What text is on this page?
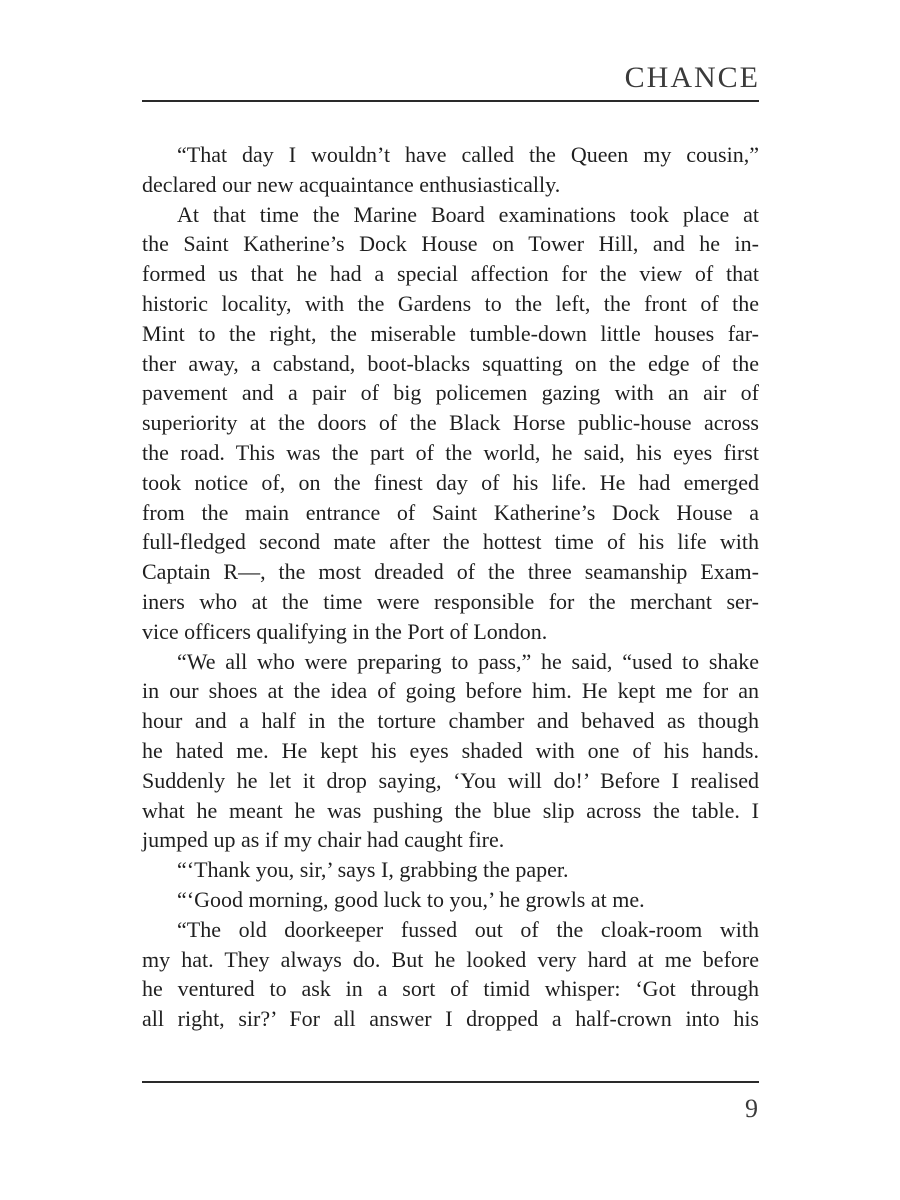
CHANCE
“That day I wouldn’t have called the Queen my cousin,”
declared our new acquaintance enthusiastically.
At that time the Marine Board examinations took place at
the Saint Katherine’s Dock House on Tower Hill, and he in-
formed us that he had a special affection for the view of that
historic locality, with the Gardens to the left, the front of the
Mint to the right, the miserable tumble-down little houses far-
ther away, a cabstand, boot-blacks squatting on the edge of the
pavement and a pair of big policemen gazing with an air of
superiority at the doors of the Black Horse public-house across
the road. This was the part of the world, he said, his eyes first
took notice of, on the finest day of his life. He had emerged
from the main entrance of Saint Katherine’s Dock House a
full-fledged second mate after the hottest time of his life with
Captain R—, the most dreaded of the three seamanship Exam-
iners who at the time were responsible for the merchant ser-
vice officers qualifying in the Port of London.
“We all who were preparing to pass,” he said, “used to shake
in our shoes at the idea of going before him. He kept me for an
hour and a half in the torture chamber and behaved as though
he hated me. He kept his eyes shaded with one of his hands.
Suddenly he let it drop saying, ‘You will do!’ Before I realised
what he meant he was pushing the blue slip across the table. I
jumped up as if my chair had caught fire.
“‘Thank you, sir,’ says I, grabbing the paper.
“‘Good morning, good luck to you,’ he growls at me.
“The old doorkeeper fussed out of the cloak-room with
my hat. They always do. But he looked very hard at me before
he ventured to ask in a sort of timid whisper: ‘Got through
all right, sir?’ For all answer I dropped a half-crown into his
9
